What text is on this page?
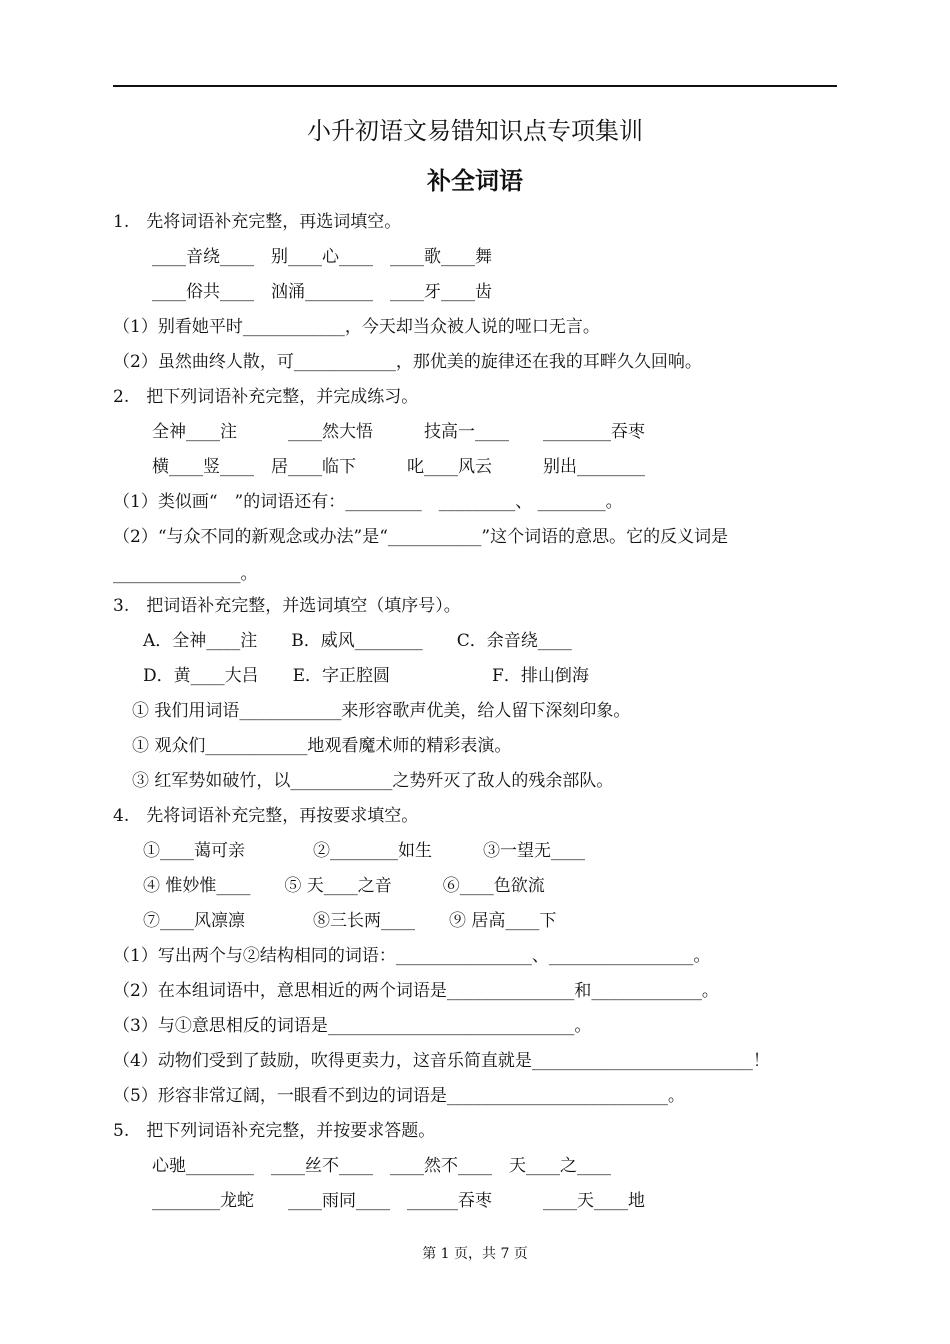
小升初语文易错知识点专项集训
补全词语
1.　先将词语补充完整，再选词填空。
____音绕____　别____心____　____歌____舞
____俗共____　汹涌________　____牙____齿
（1）别看她平时____________，今天却当众被人说的哑口无言。
（2）虽然曲终人散，可____________，那优美的旋律还在我的耳畔久久回响。
2.　把下列词语补充完整，并完成练习。
全神____注　　　____然大悟　　　技高一____　　________吞枣
横____竖____　居____临下　　　叱____风云　　　别出________
（1）类似画“　”的词语还有：_________　_________、 ________。
（2）“与众不同的新观念或办法”是“___________”这个词语的意思。它的反义词是
_______________。
3.　把词语补充完整，并选词填空（填序号）。
A．全神____注　　B．威风________　　C．余音绕____
D．黄____大吕　　E．字正腔圆　　　　　　F．排山倒海
① 我们用词语____________来形容歌声优美，给人留下深刻印象。
① 观众们____________地观看魔术师的精彩表演。
③ 红军势如破竹，以____________之势歼灭了敌人的残余部队。
4.　先将词语补充完整，再按要求填空。
①____蔼可亲　　　　②________如生　　　③一望无____
④ 惟妙惟____　　⑤ 天____之音　　　⑥____色欲流
⑦____风凛凛　　　　⑧三长两____　　⑨ 居高____下
（1）写出两个与②结构相同的词语：________________、_________________。
（2）在本组词语中，意思相近的两个词语是_______________和_____________。
（3）与①意思相反的词语是_____________________________。
（4）动物们受到了鼓励，吹得更卖力，这音乐简直就是__________________________！
（5）形容非常辽阔，一眼看不到边的词语是__________________________。
5.　把下列词语补充完整，并按要求答题。
心驰________　____丝不____　____然不____　天____之____
________龙蛇　　____雨同____　______吞枣　　　____天____地
第 1 页，共 7 页
